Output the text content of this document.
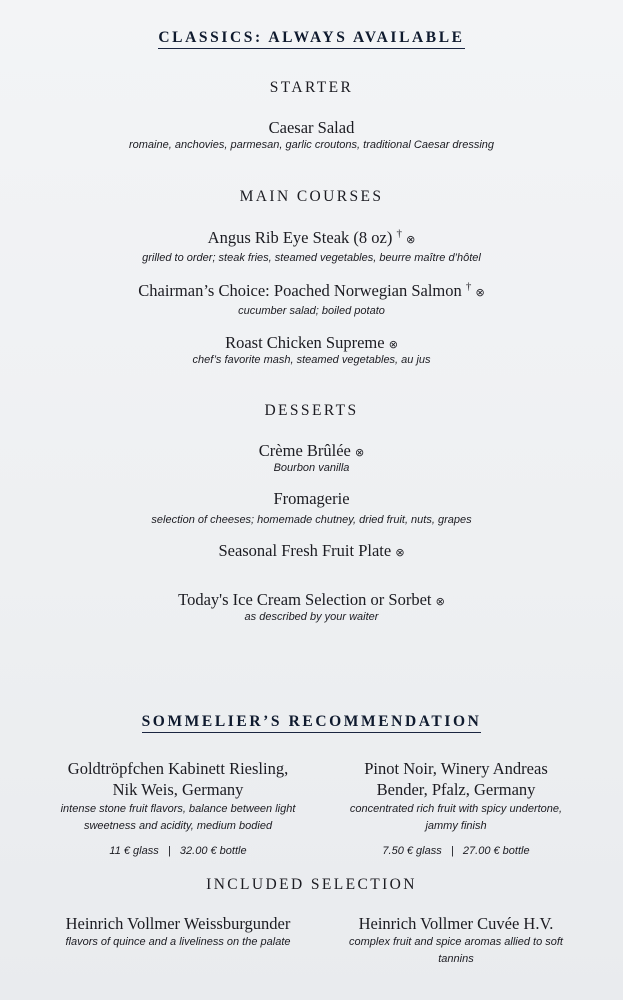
CLASSICS: ALWAYS AVAILABLE
STARTER
Caesar Salad
romaine, anchovies, parmesan, garlic croutons, traditional Caesar dressing
MAIN COURSES
Angus Rib Eye Steak (8 oz) † ⊗
grilled to order; steak fries, steamed vegetables, beurre maître d’hôtel
Chairman’s Choice: Poached Norwegian Salmon † ⊗
cucumber salad; boiled potato
Roast Chicken Supreme ⊗
chef’s favorite mash, steamed vegetables, au jus
DESSERTS
Crème Brûlée ⊗
Bourbon vanilla
Fromagerie
selection of cheeses; homemade chutney, dried fruit, nuts, grapes
Seasonal Fresh Fruit Plate ⊗
Today's Ice Cream Selection or Sorbet ⊗
as described by your waiter
SOMMELIER’S RECOMMENDATION
Goldtröpfchen Kabinett Riesling,
Nik Weis, Germany
intense stone fruit flavors, balance between light
sweetness and acidity, medium bodied
11 € glass   |   32.00 € bottle
Pinot Noir, Winery Andreas
Bender, Pfalz, Germany
concentrated rich fruit with spicy undertone,
jammy finish
7.50 € glass   |   27.00 € bottle
INCLUDED SELECTION
Heinrich Vollmer Weissburgunder
flavors of quince and a liveliness on the palate
Heinrich Vollmer Cuvée H.V.
complex fruit and spice aromas allied to soft
tannins
